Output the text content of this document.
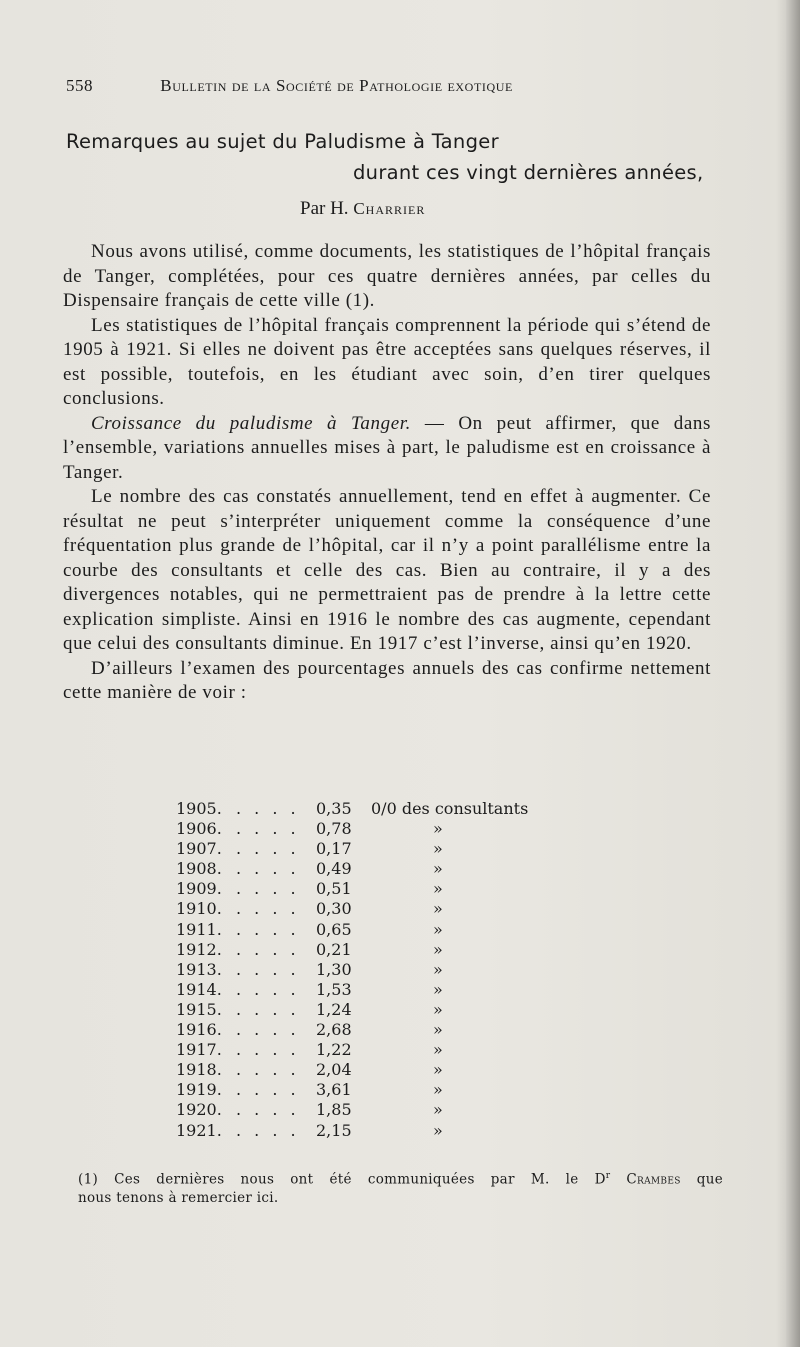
558	Bulletin de la Société de Pathologie exotique
Remarques au sujet du Paludisme à Tanger
durant ces vingt dernières années,
Par H. Charrier

Nous avons utilisé, comme documents, les statistiques de l’hôpital français de Tanger, complétées, pour ces quatre dernières années, par celles du Dispensaire français de cette ville (1).

Les statistiques de l’hôpital français comprennent la période qui s’étend de 1905 à 1921. Si elles ne doivent pas être acceptées sans quelques réserves, il est possible, toutefois, en les étudiant avec soin, d’en tirer quelques conclusions.

Croissance du paludisme à Tanger. — On peut affirmer, que dans l’ensemble, variations annuelles mises à part, le paludisme est en croissance à Tanger.

Le nombre des cas constatés annuellement, tend en effet à augmenter. Ce résultat ne peut s’interpréter uniquement comme la conséquence d’une fréquentation plus grande de l’hôpital, car il n’y a point parallélisme entre la courbe des consultants et celle des cas. Bien au contraire, il y a des divergences notables, qui ne permettraient pas de prendre à la lettre cette explication simpliste. Ainsi en 1916 le nombre des cas augmente, cependant que celui des consultants diminue. En 1917 c’est l’inverse, ainsi qu’en 1920.

D’ailleurs l’examen des pourcentages annuels des cas confirme nettement cette manière de voir :

1905. . . . .	0,35	0/0 des consultants
1906. . . . .	0,78	»
1907. . . . .	0,17	»
1908. . . . .	0,49	»
1909. . . . .	0,51	»
1910. . . . .	0,30	»
1911. . . . .	0,65	»
1912. . . . .	0,21	»
1913. . . . .	1,30	»
1914. . . . .	1,53	»
1915. . . . .	1,24	»
1916. . . . .	2,68	»
1917. . . . .	1,22	»
1918. . . . .	2,04	»
1919. . . . .	3,61	»
1920. . . . .	1,85	»
1921. . . . .	2,15	»
(1) Ces dernières nous ont été communiquées par M. le $D^r$ Crambes que
nous tenons à remercier ici.
